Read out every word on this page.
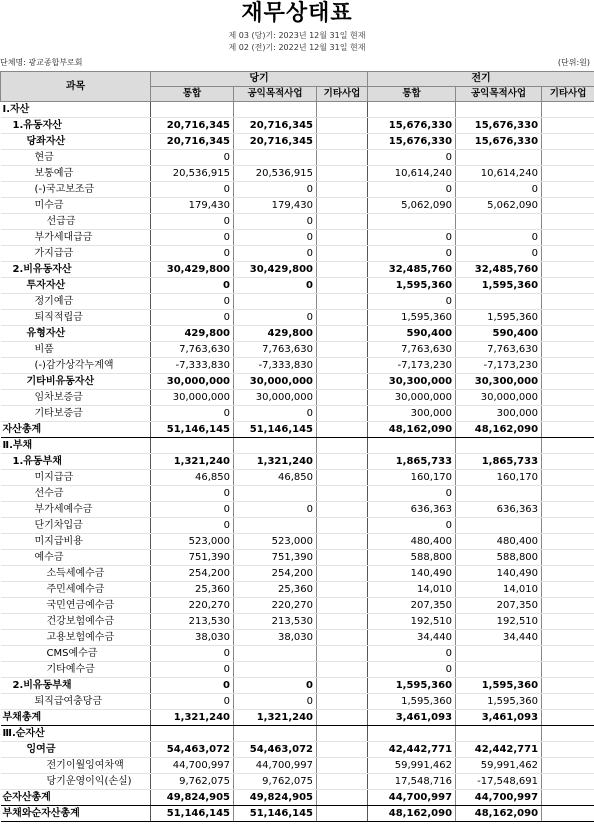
재무상태표
제 03 (당)기: 2023년 12월 31일 현재
제 02 (전)기: 2022년 12월 31일 현재
단체명: 광교종합부로회	(단위:원)
과목	당기			전기		
	통합	공익목적사업	기타사업	통합	공익목적사업	기타사업
Ⅰ.자산						
1.유동자산	20,716,345	20,716,345		15,676,330	15,676,330	
당좌자산	20,716,345	20,716,345		15,676,330	15,676,330	
현금	0			0		
보통예금	20,536,915	20,536,915		10,614,240	10,614,240	
(-)국고보조금	0	0		0	0	
미수금	179,430	179,430		5,062,090	5,062,090	
선급금	0	0				
부가세대급금	0	0		0	0	
가지급금	0	0		0	0	
2.비유동자산	30,429,800	30,429,800		32,485,760	32,485,760	
투자자산	0	0		1,595,360	1,595,360	
정기예금	0			0		
퇴직적립금	0	0		1,595,360	1,595,360	
유형자산	429,800	429,800		590,400	590,400	
비품	7,763,630	7,763,630		7,763,630	7,763,630	
(-)감가상각누계액	-7,333,830	-7,333,830		-7,173,230	-7,173,230	
기타비유동자산	30,000,000	30,000,000		30,300,000	30,300,000	
임차보증금	30,000,000	30,000,000		30,000,000	30,000,000	
기타보증금	0	0		300,000	300,000	
자산총계	51,146,145	51,146,145		48,162,090	48,162,090	
Ⅱ.부채						
1.유동부채	1,321,240	1,321,240		1,865,733	1,865,733	
미지급금	46,850	46,850		160,170	160,170	
선수금	0			0		
부가세예수금	0	0		636,363	636,363	
단기차입금	0			0		
미지급비용	523,000	523,000		480,400	480,400	
예수금	751,390	751,390		588,800	588,800	
소득세예수금	254,200	254,200		140,490	140,490	
주민세예수금	25,360	25,360		14,010	14,010	
국민연금예수금	220,270	220,270		207,350	207,350	
건강보험예수금	213,530	213,530		192,510	192,510	
고용보험예수금	38,030	38,030		34,440	34,440	
CMS예수금	0			0		
기타예수금	0			0		
2.비유동부채	0	0		1,595,360	1,595,360	
퇴직급여충당금	0	0		1,595,360	1,595,360	
부채총계	1,321,240	1,321,240		3,461,093	3,461,093	
Ⅲ.순자산						
잉여금	54,463,072	54,463,072		42,442,771	42,442,771	
전기이월잉여차액	44,700,997	44,700,997		59,991,462	59,991,462	
당기운영이익(손실)	9,762,075	9,762,075		17,548,716	-17,548,691	
순자산총계	49,824,905	49,824,905		44,700,997	44,700,997	
부채와순자산총계	51,146,145	51,146,145		48,162,090	48,162,090	
